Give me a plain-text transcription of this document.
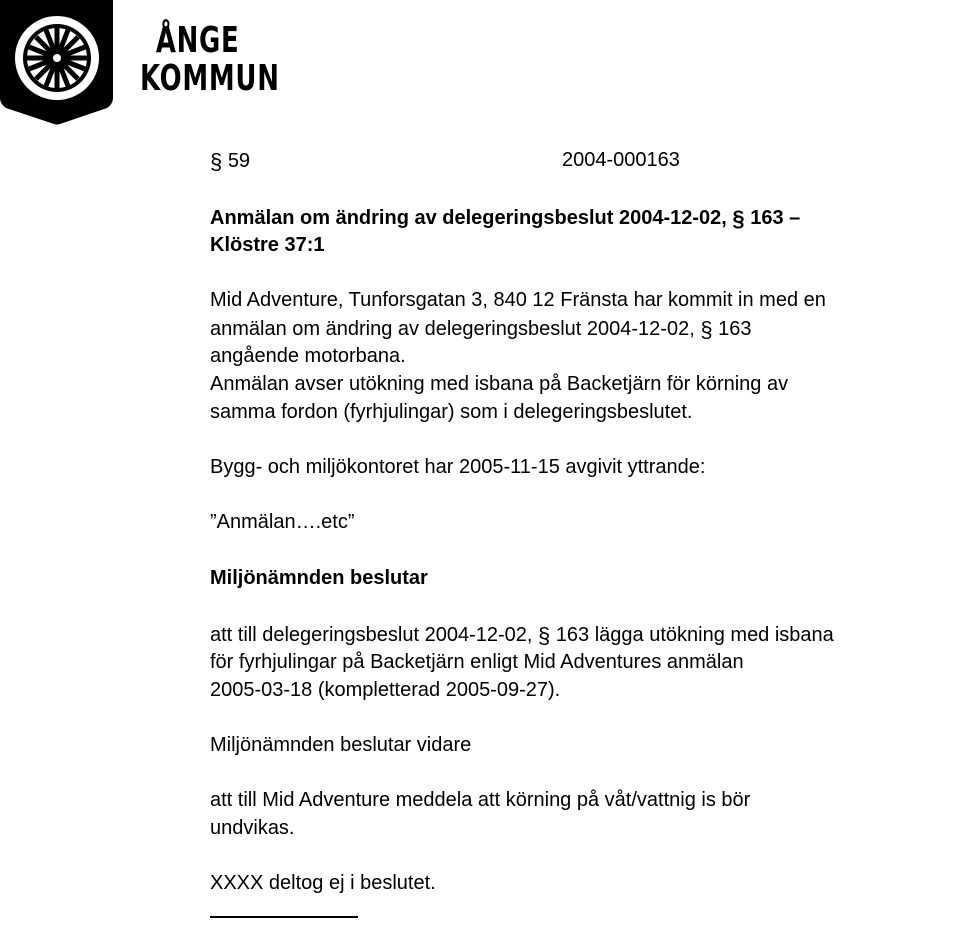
ÅNGE
KOMMUN
§ 59	2004-000163
Anmälan om ändring av delegeringsbeslut 2004-12-02, § 163 –
Klöstre 37:1
Mid Adventure, Tunforsgatan 3, 840 12 Fränsta har kommit in med en
anmälan om ändring av delegeringsbeslut 2004-12-02, § 163
angående motorbana.
Anmälan avser utökning med isbana på Backetjärn för körning av
samma fordon (fyrhjulingar) som i delegeringsbeslutet.
Bygg- och miljökontoret har 2005-11-15 avgivit yttrande:
”Anmälan….etc”
Miljönämnden beslutar
att till delegeringsbeslut 2004-12-02, § 163 lägga utökning med isbana
för fyrhjulingar på Backetjärn enligt Mid Adventures anmälan
2005-03-18 (kompletterad 2005-09-27).
Miljönämnden beslutar vidare
att till Mid Adventure meddela att körning på våt/vattnig is bör
undvikas.
XXXX deltog ej i beslutet.
